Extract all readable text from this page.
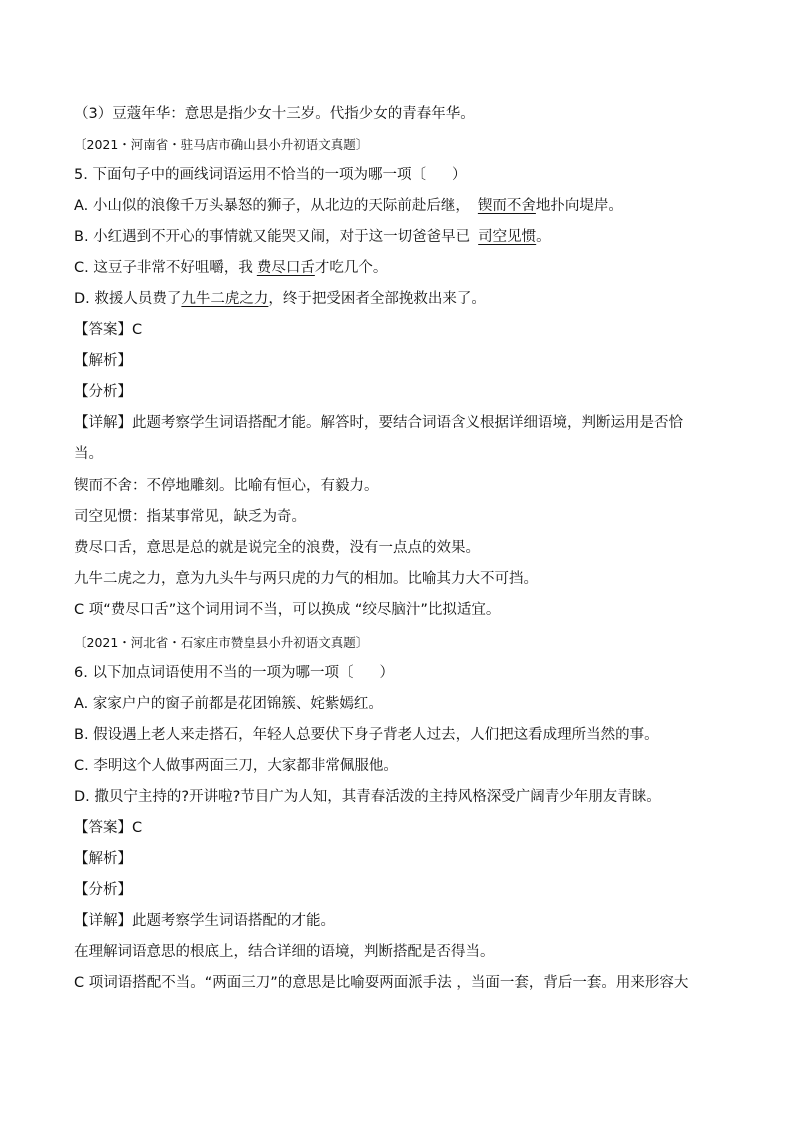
（3）豆蔻年华：意思是指少女十三岁。代指少女的青春年华。
〔2021・河南省・驻马店市确山县小升初语文真题〕
5. 下面句子中的画线词语运用不恰当的一项为哪一项〔 ）
A. 小山似的浪像千万头暴怒的狮子，从北边的天际前赴后继， 锲而不舍地扑向堤岸。
B. 小红遇到不开心的事情就又能哭又闹，对于这一切爸爸早已 司空见惯。
C. 这豆子非常不好咀嚼，我 费尽口舌才吃几个。
D. 救援人员费了九牛二虎之力，终于把受困者全部挽救出来了。
【答案】C
【解析】
【分析】
【详解】此题考察学生词语搭配才能。解答时，要结合词语含义根据详细语境，判断运用是否恰
当。
锲而不舍：不停地雕刻。比喻有恒心，有毅力。
司空见惯：指某事常见，缺乏为奇。
费尽口舌，意思是总的就是说完全的浪费，没有一点点的效果。
九牛二虎之力，意为九头牛与两只虎的力气的相加。比喻其力大不可挡。
C 项“费尽口舌”这个词用词不当，可以换成 “绞尽脑汁”比拟适宜。
〔2021・河北省・石家庄市赞皇县小升初语文真题〕
6. 以下加点词语使用不当的一项为哪一项〔 ）
A. 家家户户的窗子前都是花团锦簇、姹紫嫣红。
B. 假设遇上老人来走搭石，年轻人总要伏下身子背老人过去，人们把这看成理所当然的事。
C. 李明这个人做事两面三刀，大家都非常佩服他。
D. 撒贝宁主持的?开讲啦?节目广为人知，其青春活泼的主持风格深受广阔青少年朋友青睐。
【答案】C
【解析】
【分析】
【详解】此题考察学生词语搭配的才能。
在理解词语意思的根底上，结合详细的语境，判断搭配是否得当。
C 项词语搭配不当。“两面三刀”的意思是比喻耍两面派手法 ，当面一套，背后一套。用来形容大
